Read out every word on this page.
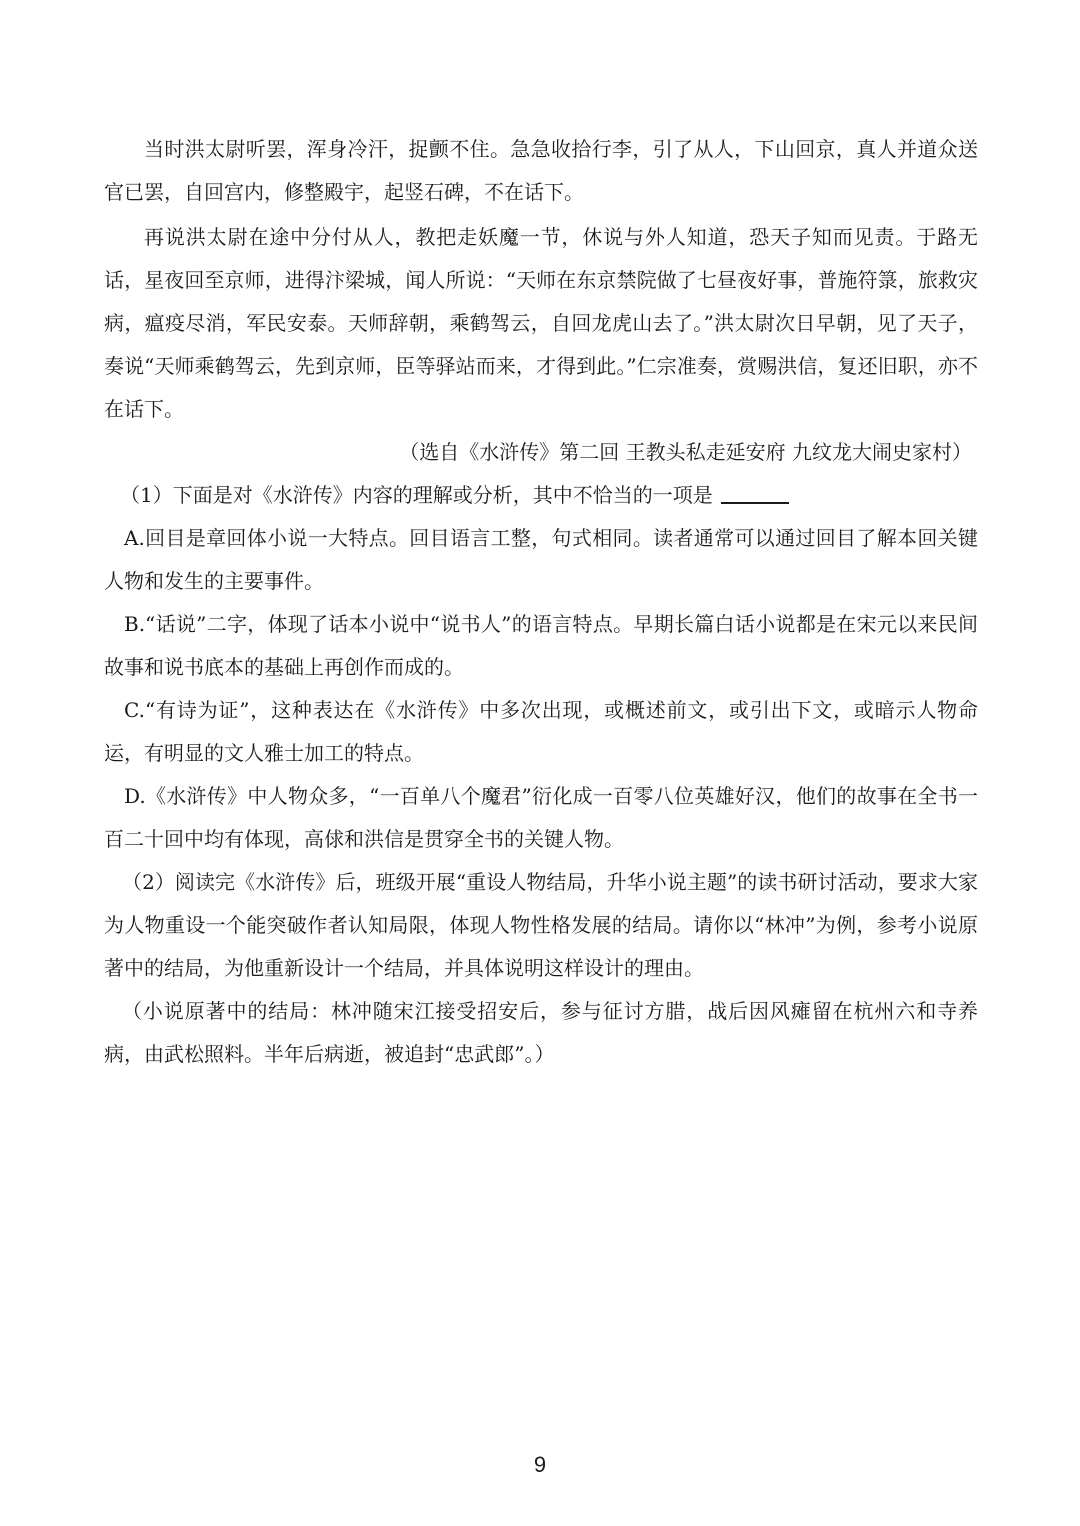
当时洪太尉听罢，浑身冷汗，捉颤不住。急急收拾行李，引了从人，下山回京，真人并道众送官已罢，自回宫内，修整殿宇，起竖石碑，不在话下。

再说洪太尉在途中分付从人，教把走妖魔一节，休说与外人知道，恐天子知而见责。于路无话，星夜回至京师，进得汴梁城，闻人所说：“天师在东京禁院做了七昼夜好事，普施符箓，旅救灾病，瘟疫尽消，军民安泰。天师辞朝，乘鹤驾云，自回龙虎山去了。”洪太尉次日早朝，见了天子，奏说“天师乘鹤驾云，先到京师，臣等驿站而来，才得到此。”仁宗准奏，赏赐洪信，复还旧职，亦不在话下。

（选自《水浒传》第二回 王教头私走延安府 九纹龙大闹史家村）

（1）下面是对《水浒传》内容的理解或分析，其中不恰当的一项是

A.回目是章回体小说一大特点。回目语言工整，句式相同。读者通常可以通过回目了解本回关键人物和发生的主要事件。

B.“话说”二字，体现了话本小说中“说书人”的语言特点。早期长篇白话小说都是在宋元以来民间故事和说书底本的基础上再创作而成的。

C.“有诗为证”，这种表达在《水浒传》中多次出现，或概述前文，或引出下文，或暗示人物命运，有明显的文人雅士加工的特点。

D.《水浒传》中人物众多，“一百单八个魔君”衍化成一百零八位英雄好汉，他们的故事在全书一百二十回中均有体现，高俅和洪信是贯穿全书的关键人物。

（2）阅读完《水浒传》后，班级开展“重设人物结局，升华小说主题”的读书研讨活动，要求大家为人物重设一个能突破作者认知局限，体现人物性格发展的结局。请你以“林冲”为例，参考小说原著中的结局，为他重新设计一个结局，并具体说明这样设计的理由。

（小说原著中的结局：林冲随宋江接受招安后，参与征讨方腊，战后因风瘫留在杭州六和寺养病，由武松照料。半年后病逝，被追封“忠武郎”。）

9
